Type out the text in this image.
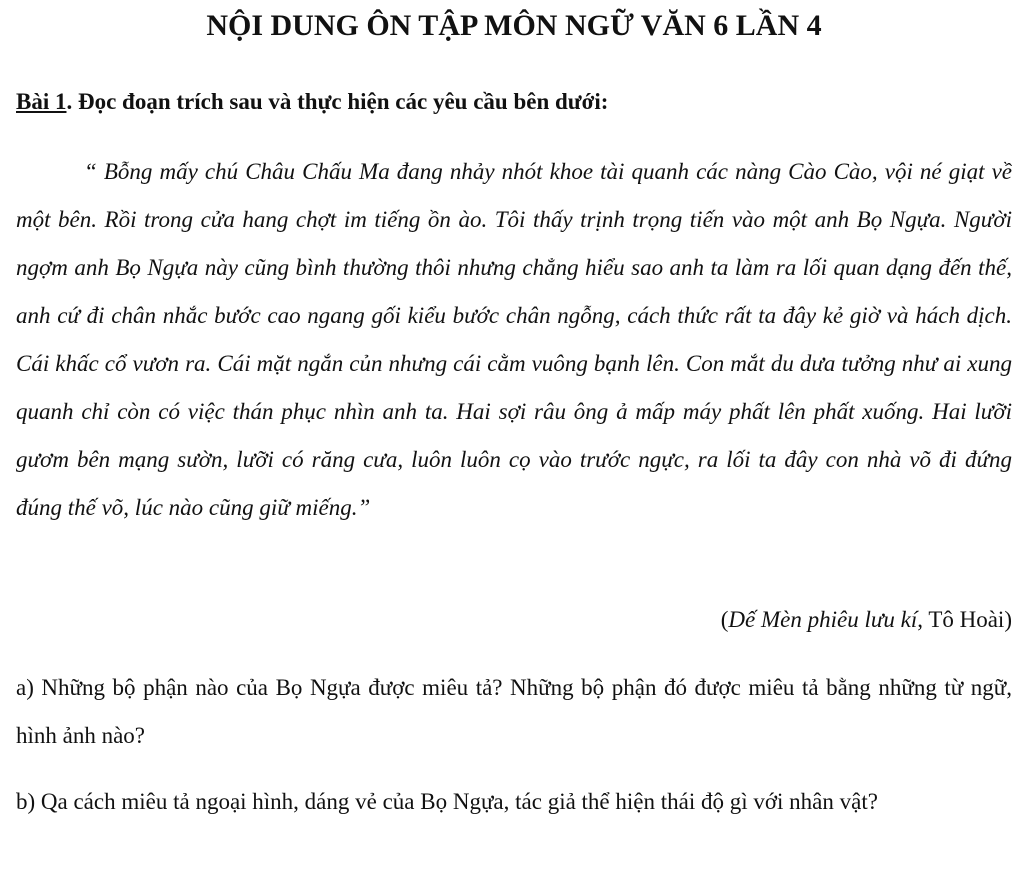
NỘI DUNG ÔN TẬP MÔN NGỮ VĂN 6 LẦN 4
Bài 1. Đọc đoạn trích sau và thực hiện các yêu cầu bên dưới:

“ Bỗng mấy chú Châu Chấu Ma đang nhảy nhót khoe tài quanh các nàng Cào Cào, vội né giạt về một bên. Rồi trong cửa hang chợt im tiếng ồn ào. Tôi thấy trịnh trọng tiến vào một anh Bọ Ngựa. Người ngợm anh Bọ Ngựa này cũng bình thường thôi nhưng chẳng hiểu sao anh ta làm ra lối quan dạng đến thế, anh cứ đi chân nhắc bước cao ngang gối kiểu bước chân ngỗng, cách thức rất ta đây kẻ giờ và hách dịch. Cái khấc cổ vươn ra. Cái mặt ngắn củn nhưng cái cằm vuông bạnh lên. Con mắt du dưa tưởng như ai xung quanh chỉ còn có việc thán phục nhìn anh ta. Hai sợi râu ông ả mấp máy phất lên phất xuống. Hai lưỡi gươm bên mạng sườn, lưỡi có răng cưa, luôn luôn cọ vào trước ngực, ra lối ta đây con nhà võ đi đứng đúng thế võ, lúc nào cũng giữ miếng.”

(Dế Mèn phiêu lưu kí, Tô Hoài)

a) Những bộ phận nào của Bọ Ngựa được miêu tả? Những bộ phận đó được miêu tả bằng những từ ngữ, hình ảnh nào?

b) Qa cách miêu tả ngoại hình, dáng vẻ của Bọ Ngựa, tác giả thể hiện thái độ gì với nhân vật?
